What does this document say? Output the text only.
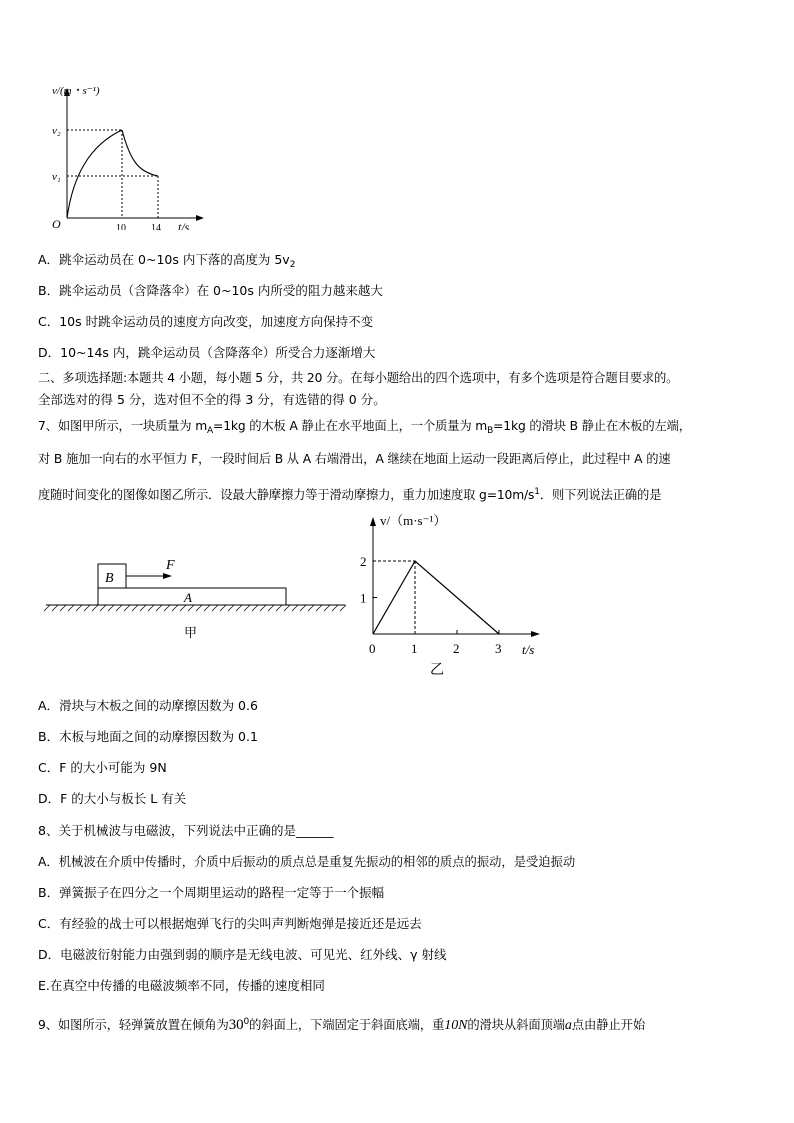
v/(m・s⁻¹)
v₂
v₁
O	10	14 t/s
A．跳伞运动员在 0~10s 内下落的高度为 $5v_2$
B．跳伞运动员（含降落伞）在 0~10s 内所受的阻力越来越大
C．10s 时跳伞运动员的速度方向改变，加速度方向保持不变
D．10~14s 内，跳伞运动员（含降落伞）所受合力逐渐增大
二、多项选择题:本题共 4 小题，每小题 5 分，共 20 分。在每小题给出的四个选项中，有多个选项是符合题目要求的。
全部选对的得 5 分，选对但不全的得 3 分，有选错的得 0 分。
7、如图甲所示，一块质量为 $m_A=1kg$ 的木板 A 静止在水平地面上，一个质量为 $m_B=1kg$ 的滑块 B 静止在木板的左端，
对 B 施加一向右的水平恒力 F，一段时间后 B 从 A 右端滑出，A 继续在地面上运动一段距离后停止，此过程中 A 的速
度随时间变化的图像如图乙所示．设最大静摩擦力等于滑动摩擦力，重力加速度取 $g=10m/s^1$．则下列说法正确的是
B
A
F
甲
0	1	2	3
1
2
v/（m·s⁻¹）
t/s
乙
A．滑块与木板之间的动摩擦因数为 0.6
B．木板与地面之间的动摩擦因数为 0.1
C．F 的大小可能为 9N
D．F 的大小与板长 L 有关
8、关于机械波与电磁波，下列说法中正确的是______
A．机械波在介质中传播时，介质中后振动的质点总是重复先振动的相邻的质点的振动，是受迫振动
B．弹簧振子在四分之一个周期里运动的路程一定等于一个振幅
C．有经验的战士可以根据炮弹飞行的尖叫声判断炮弹是接近还是远去
D．电磁波衍射能力由强到弱的顺序是无线电波、可见光、红外线、γ 射线
E.在真空中传播的电磁波频率不同，传播的速度相同
9、如图所示，轻弹簧放置在倾角为$30^0$的斜面上，下端固定于斜面底端，重10N的滑块从斜面顶端a点由静止开始
